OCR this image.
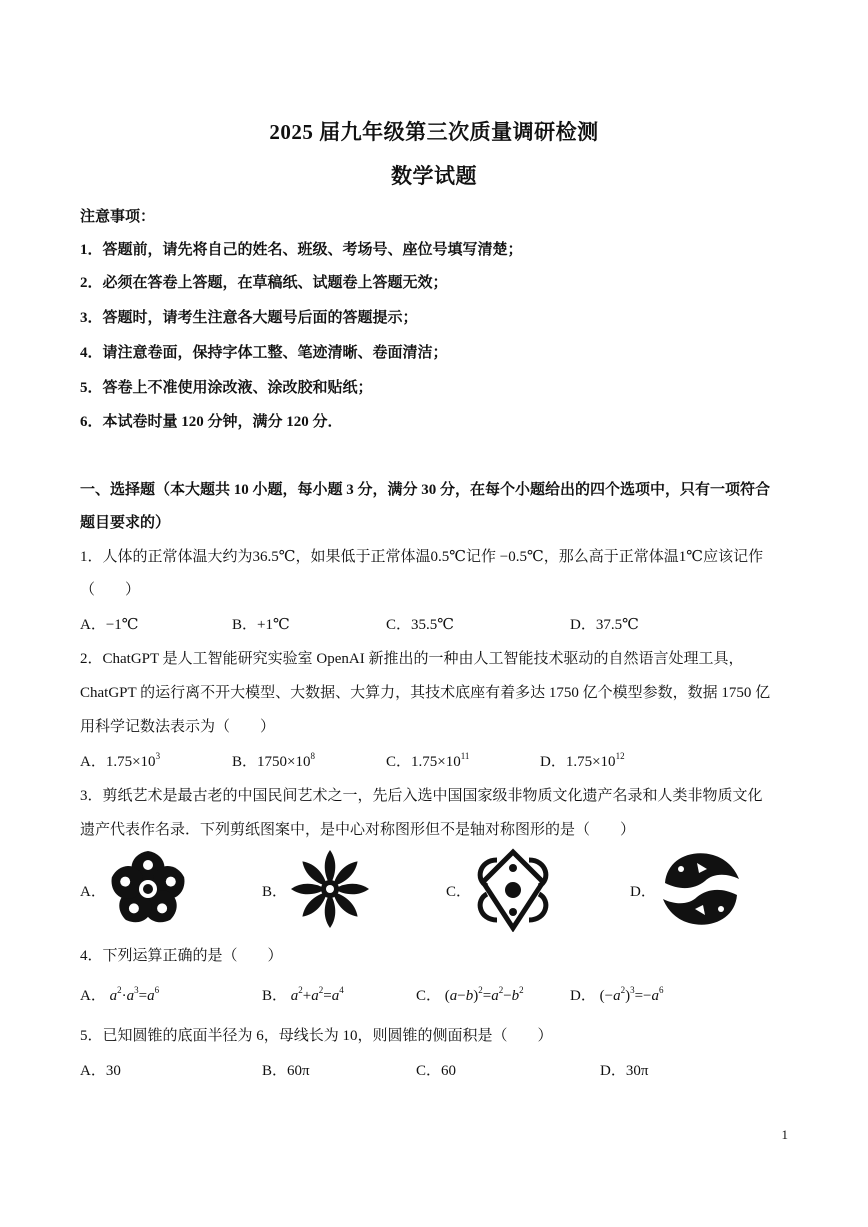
2025 届九年级第三次质量调研检测
数学试题
注意事项：
1．答题前，请先将自己的姓名、班级、考场号、座位号填写清楚；
2．必须在答卷上答题，在草稿纸、试题卷上答题无效；
3．答题时，请考生注意各大题号后面的答题提示；
4．请注意卷面，保持字体工整、笔迹清晰、卷面清洁；
5．答卷上不准使用涂改液、涂改胶和贴纸；
6．本试卷时量 120 分钟，满分 120 分．
一、选择题（本大题共 10 小题，每小题 3 分，满分 30 分，在每个小题给出的四个选项中，只有一项符合
题目要求的）
1．人体的正常体温大约为36.5℃，如果低于正常体温0.5℃记作 −0.5℃，那么高于正常体温1℃应该记作
（　　）
A．−1℃	B．+1℃	C．35.5℃	D．37.5℃
2．ChatGPT 是人工智能研究实验室 OpenAI 新推出的一种由人工智能技术驱动的自然语言处理工具，
ChatGPT 的运行离不开大模型、大数据、大算力，其技术底座有着多达 1750 亿个模型参数，数据 1750 亿
用科学记数法表示为（　　）
A．$1.75\times 10^3$	B．$1750\times 10^8$	C．$1.75\times 10^{11}$	D．$1.75\times 10^{12}$
3．剪纸艺术是最古老的中国民间艺术之一，先后入选中国国家级非物质文化遗产名录和人类非物质文化
遗产代表作名录．下列剪纸图案中，是中心对称图形但不是轴对称图形的是（　　）
A．	B．	C．	D．
4．下列运算正确的是（　　）
A． $a^2\cdot a^3=a^6$	B． $a^2+a^2=a^4$	C． $(a-b)^2=a^2-b^2$	D． $(-a^2)^3=-a^6$
5．已知圆锥的底面半径为 6，母线长为 10，则圆锥的侧面积是（　　）
A．30	B．60π	C．60	D．30π
1
